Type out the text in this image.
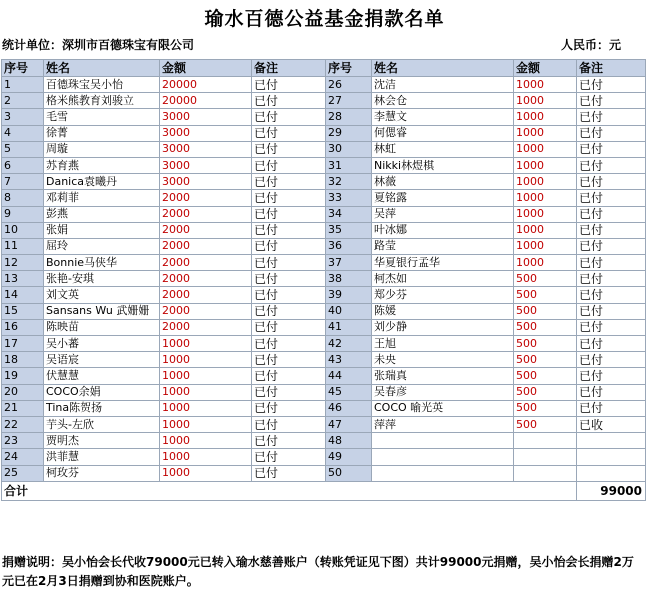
瑜水百德公益基金捐款名单
统计单位：深圳市百德珠宝有限公司	人民币：元
序号	姓名	金额	备注	序号	姓名	金额	备注
1	百德珠宝吴小怡	20000	已付	26	沈洁	1000	已付
2	格米熊教育刘骏立	20000	已付	27	林会仓	1000	已付
3	毛雪	3000	已付	28	李慧文	1000	已付
4	徐菁	3000	已付	29	何偲睿	1000	已付
5	周璇	3000	已付	30	林虹	1000	已付
6	苏育燕	3000	已付	31	Nikki林煜棋	1000	已付
7	Danica袁曦丹	3000	已付	32	林薇	1000	已付
8	邓莉菲	2000	已付	33	夏铭露	1000	已付
9	彭燕	2000	已付	34	吴萍	1000	已付
10	张娟	2000	已付	35	叶冰娜	1000	已付
11	屈玲	2000	已付	36	路莹	1000	已付
12	Bonnie马侠华	2000	已付	37	华夏银行孟华	1000	已付
13	张艳-安琪	2000	已付	38	柯杰如	500	已付
14	刘文英	2000	已付	39	郑少芬	500	已付
15	Sansans Wu 武姗姗	2000	已付	40	陈媛	500	已付
16	陈映苗	2000	已付	41	刘少静	500	已付
17	吴小蕃	1000	已付	42	王旭	500	已付
18	吴语宸	1000	已付	43	未央	500	已付
19	伏慧慧	1000	已付	44	张瑞真	500	已付
20	COCO余娟	1000	已付	45	吴春彦	500	已付
21	Tina陈贺扬	1000	已付	46	COCO 喻光英	500	已付
22	芋头-左欣	1000	已付	47	萍萍	500	已收
23	贾明杰	1000	已付	48			
24	洪菲慧	1000	已付	49			
25	柯玫芬	1000	已付	50			
合计							99000
捐赠说明：吴小怡会长代收79000元已转入瑜水慈善账户（转账凭证见下图）共计99000元捐赠，吴小怡会长捐赠2万元已在2月3日捐赠到协和医院账户。
